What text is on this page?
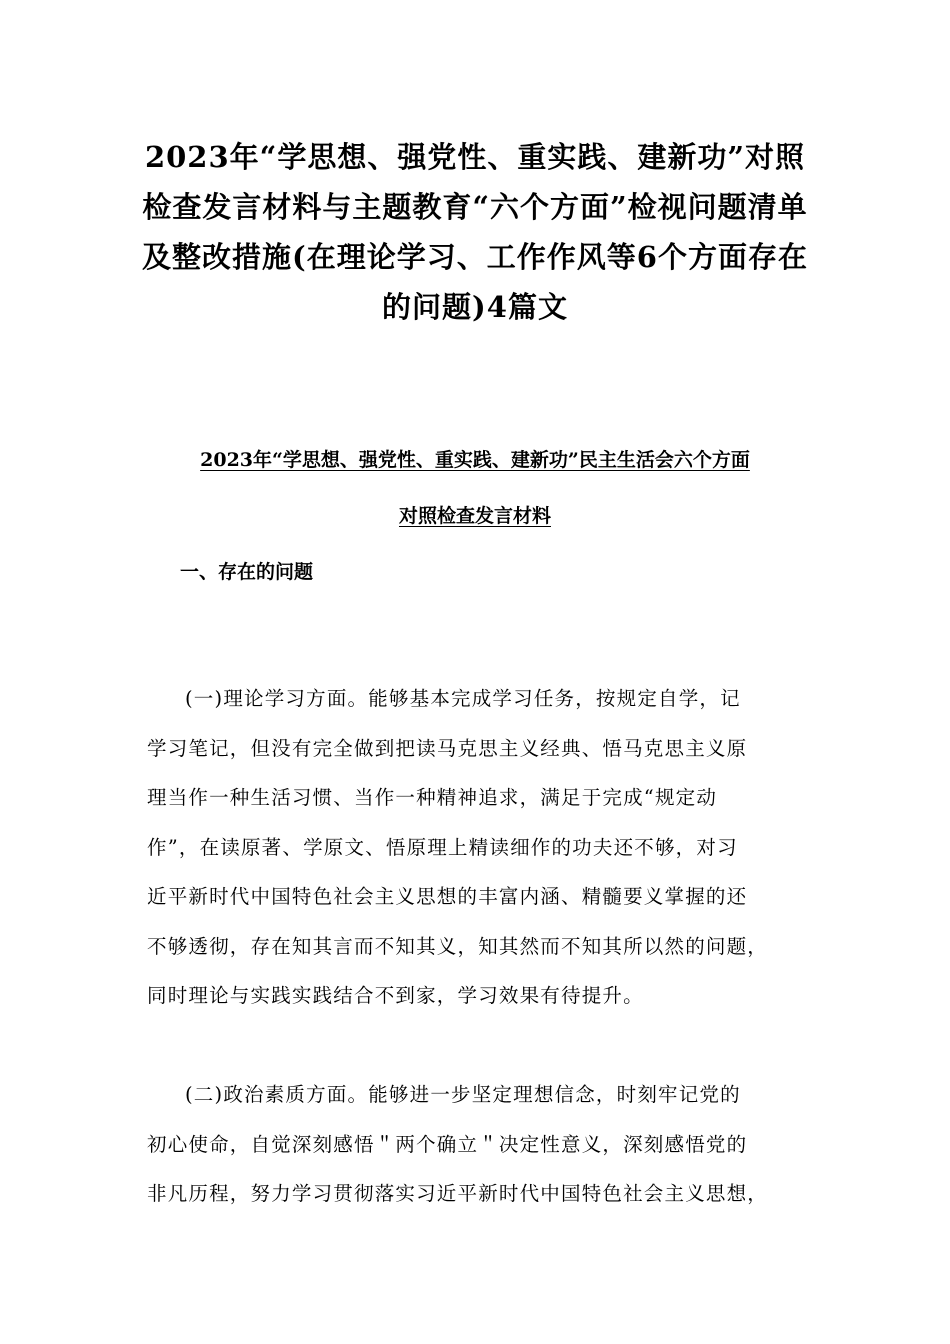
2023年“学思想、强党性、重实践、建新功”对照
检查发言材料与主题教育“六个方面”检视问题清单
及整改措施(在理论学习、工作作风等6个方面存在
的问题)4篇文
2023年“学思想、强党性、重实践、建新功”民主生活会六个方面
对照检查发言材料
一、存在的问题

(一)理论学习方面。能够基本完成学习任务，按规定自学，记
学习笔记，但没有完全做到把读马克思主义经典、悟马克思主义原
理当作一种生活习惯、当作一种精神追求，满足于完成“规定动
作”，在读原著、学原文、悟原理上精读细作的功夫还不够，对习
近平新时代中国特色社会主义思想的丰富内涵、精髓要义掌握的还
不够透彻，存在知其言而不知其义，知其然而不知其所以然的问题，
同时理论与实践实践结合不到家，学习效果有待提升。

(二)政治素质方面。能够进一步坚定理想信念，时刻牢记党的
初心使命，自觉深刻感悟＂两个确立＂决定性意义，深刻感悟党的
非凡历程，努力学习贯彻落实习近平新时代中国特色社会主义思想，
